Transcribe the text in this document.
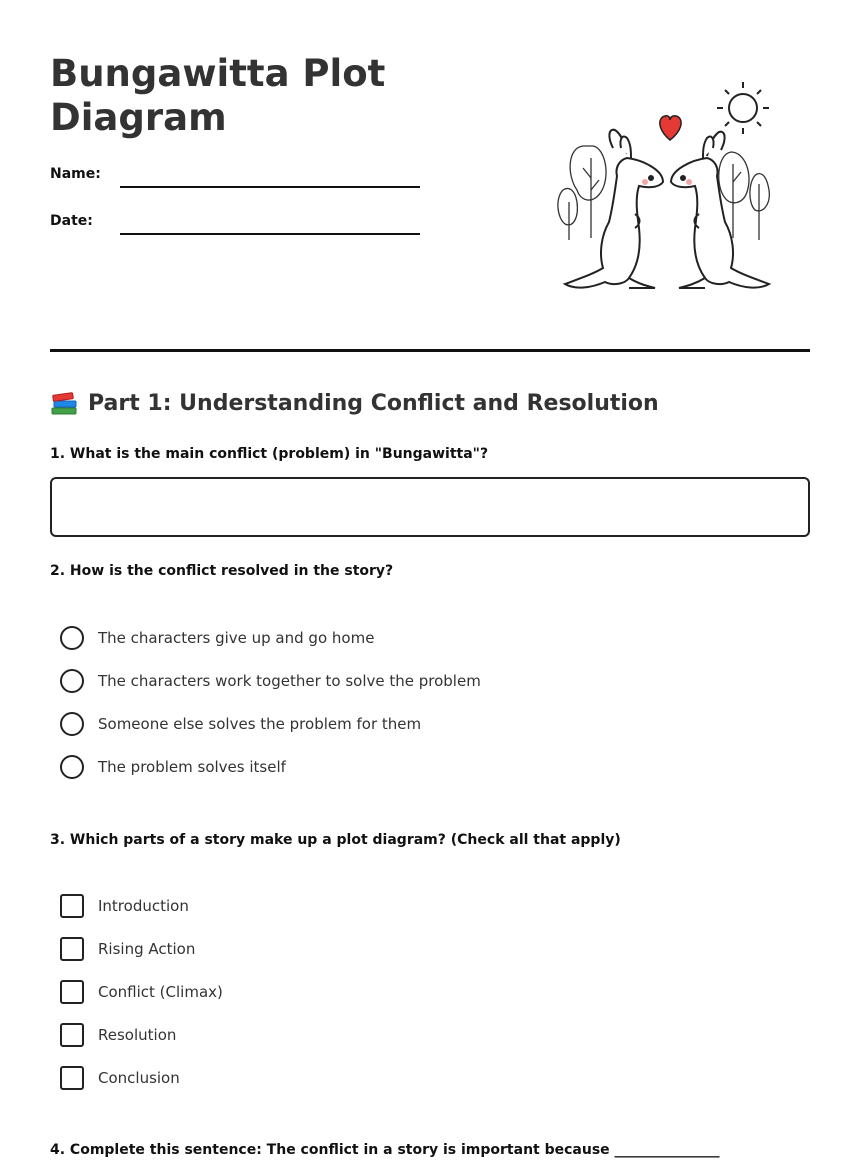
Bungawitta Plot Diagram
Name:
Date:
Part 1: Understanding Conflict and Resolution
1. What is the main conflict (problem) in "Bungawitta"?
2. How is the conflict resolved in the story?
The characters give up and go home
The characters work together to solve the problem
Someone else solves the problem for them
The problem solves itself
3. Which parts of a story make up a plot diagram? (Check all that apply)
Introduction
Rising Action
Conflict (Climax)
Resolution
Conclusion
4. Complete this sentence: The conflict in a story is important because _______________
